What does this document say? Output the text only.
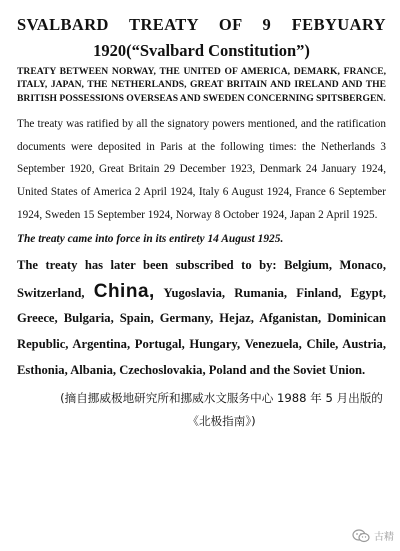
SVALBARD TREATY OF 9 FEBYUARY

1920(“Svalbard Constitution”)

TREATY BETWEEN NORWAY, THE UNITED OF AMERICA, DEMARK, FRANCE, ITALY, JAPAN, THE NETHERLANDS, GREAT BRITAIN AND IRELAND AND THE BRITISH POSSESSIONS OVERSEAS AND SWEDEN CONCERNING SPITSBERGEN.

The treaty was ratified by all the signatory powers mentioned, and the ratification documents were deposited in Paris at the following times: the Netherlands 3 September 1920, Great Britain 29 December 1923, Denmark 24 January 1924, United States of America 2 April 1924, Italy 6 August 1924, France 6 September 1924, Sweden 15 September 1924, Norway 8 October 1924, Japan 2 April 1925.

The treaty came into force in its entirety 14 August 1925.

The treaty has later been subscribed to by: Belgium, Monaco, Switzerland, China, Yugoslavia, Rumania, Finland, Egypt, Greece, Bulgaria, Spain, Germany, Hejaz, Afganistan, Dominican Republic, Argentina, Portugal, Hungary, Venezuela, Chile, Austria, Esthonia, Albania, Czechoslovakia, Poland and the Soviet Union.

(摘自挪威极地研究所和挪威水文服务中心 1988 年 5 月出版的《北极指南》)

古精
